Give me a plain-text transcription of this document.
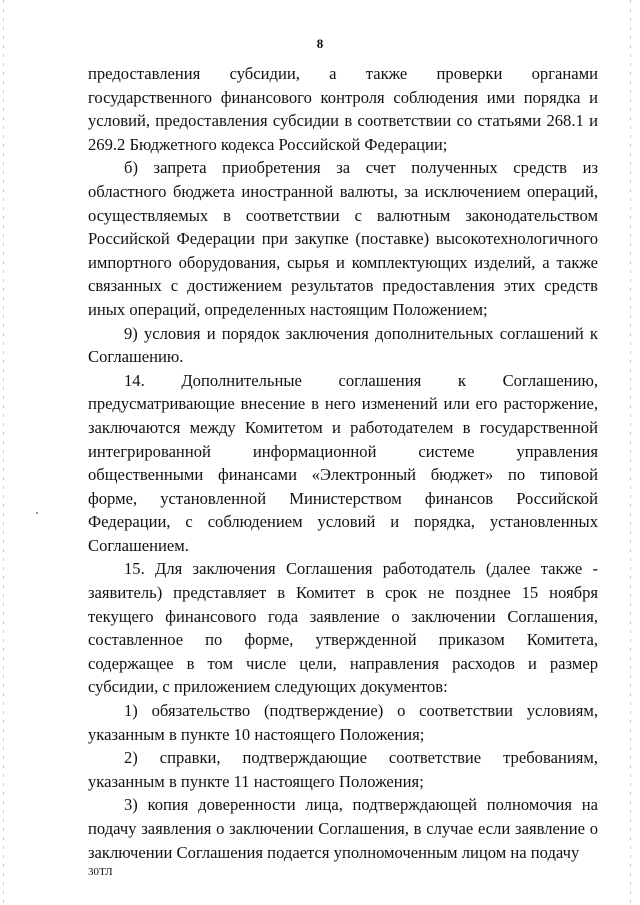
8

предоставления субсидии, а также проверки органами государственного финансового контроля соблюдения ими порядка и условий, предоставления субсидии в соответствии со статьями 268.1 и 269.2 Бюджетного кодекса Российской Федерации;

б) запрета приобретения за счет полученных средств из областного бюджета иностранной валюты, за исключением операций, осуществляемых в соответствии с валютным законодательством Российской Федерации при закупке (поставке) высокотехнологичного импортного оборудования, сырья и комплектующих изделий, а также связанных с достижением результатов предоставления этих средств иных операций, определенных настоящим Положением;

9) условия и порядок заключения дополнительных соглашений к Соглашению.

14. Дополнительные соглашения к Соглашению, предусматривающие внесение в него изменений или его расторжение, заключаются между Комитетом и работодателем в государственной интегрированной информационной системе управления общественными финансами «Электронный бюджет» по типовой форме, установленной Министерством финансов Российской Федерации, с соблюдением условий и порядка, установленных Соглашением.

15. Для заключения Соглашения работодатель (далее также - заявитель) представляет в Комитет в срок не позднее 15 ноября текущего финансового года заявление о заключении Соглашения, составленное по форме, утвержденной приказом Комитета, содержащее в том числе цели, направления расходов и размер субсидии, с приложением следующих документов:

1) обязательство (подтверждение) о соответствии условиям, указанным в пункте 10 настоящего Положения;

2) справки, подтверждающие соответствие требованиям, указанным в пункте 11 настоящего Положения;

3) копия доверенности лица, подтверждающей полномочия на подачу заявления о заключении Соглашения, в случае если заявление о заключении Соглашения подается уполномоченным лицом на подачу

30ТЛ
